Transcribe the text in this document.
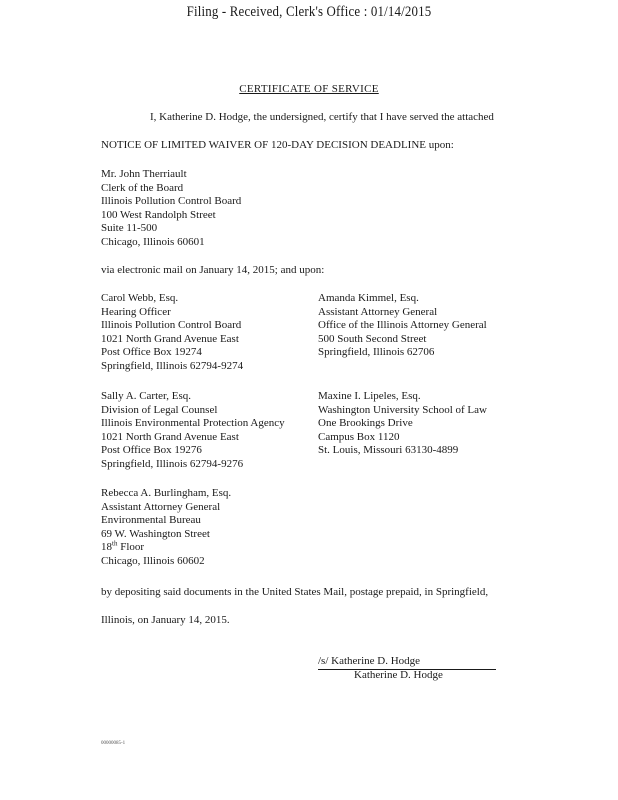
Filing - Received, Clerk's Office : 01/14/2015
CERTIFICATE OF SERVICE
I, Katherine D. Hodge, the undersigned, certify that I have served the attached
NOTICE OF LIMITED WAIVER OF 120-DAY DECISION DEADLINE upon:
Mr. John Therriault
Clerk of the Board
Illinois Pollution Control Board
100 West Randolph Street
Suite 11-500
Chicago, Illinois 60601
via electronic mail on January 14, 2015; and upon:
Carol Webb, Esq.
Hearing Officer
Illinois Pollution Control Board
1021 North Grand Avenue East
Post Office Box 19274
Springfield, Illinois 62794-9274
Amanda Kimmel, Esq.
Assistant Attorney General
Office of the Illinois Attorney General
500 South Second Street
Springfield, Illinois 62706
Sally A. Carter, Esq.
Division of Legal Counsel
Illinois Environmental Protection Agency
1021 North Grand Avenue East
Post Office Box 19276
Springfield, Illinois 62794-9276
Maxine I. Lipeles, Esq.
Washington University School of Law
One Brookings Drive
Campus Box 1120
St. Louis, Missouri 63130-4899
Rebecca A. Burlingham, Esq.
Assistant Attorney General
Environmental Bureau
69 W. Washington Street
18th Floor
Chicago, Illinois 60602
by depositing said documents in the United States Mail, postage prepaid, in Springfield,
Illinois, on January 14, 2015.
/s/ Katherine D. Hodge
Katherine D. Hodge
00000085-1
